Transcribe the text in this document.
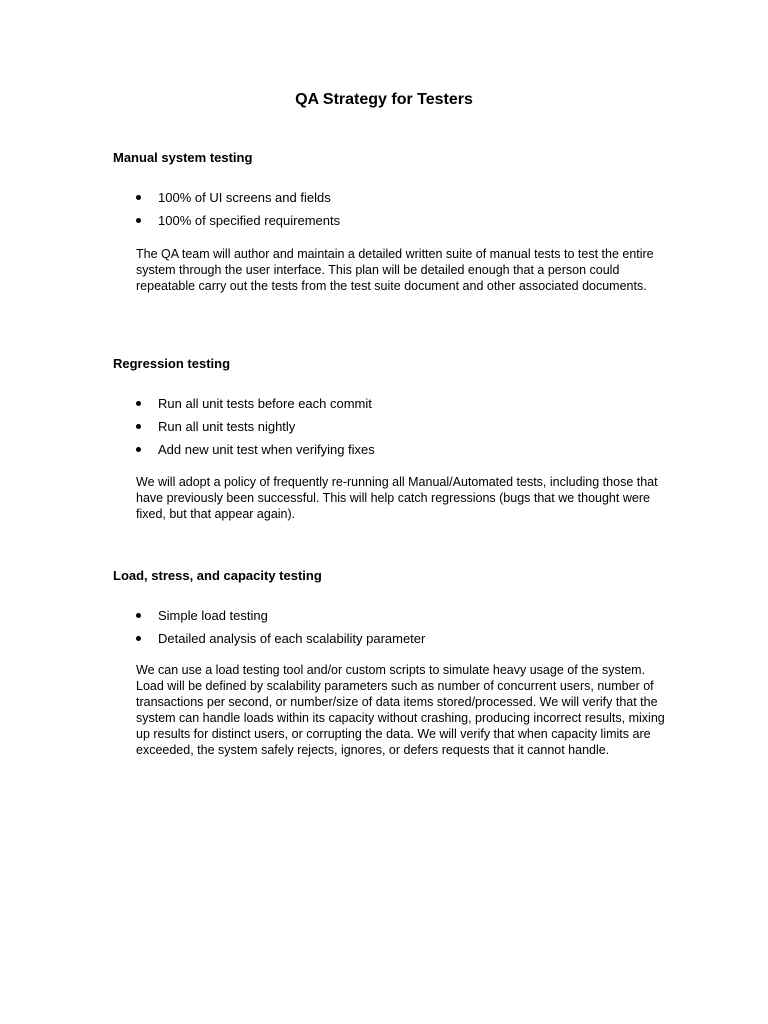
QA Strategy for Testers
Manual system testing
100% of UI screens and fields
100% of specified requirements

The QA team will author and maintain a detailed written suite of manual tests to test the entire system through the user interface. This plan will be detailed enough that a person could repeatable carry out the tests from the test suite document and other associated documents.

Regression testing
Run all unit tests before each commit
Run all unit tests nightly
Add new unit test when verifying fixes

We will adopt a policy of frequently re-running all Manual/Automated tests, including those that have previously been successful. This will help catch regressions (bugs that we thought were fixed, but that appear again).

Load, stress, and capacity testing
Simple load testing
Detailed analysis of each scalability parameter

We can use a load testing tool and/or custom scripts to simulate heavy usage of the system. Load will be defined by scalability parameters such as number of concurrent users, number of transactions per second, or number/size of data items stored/processed. We will verify that the system can handle loads within its capacity without crashing, producing incorrect results, mixing up results for distinct users, or corrupting the data. We will verify that when capacity limits are exceeded, the system safely rejects, ignores, or defers requests that it cannot handle.
